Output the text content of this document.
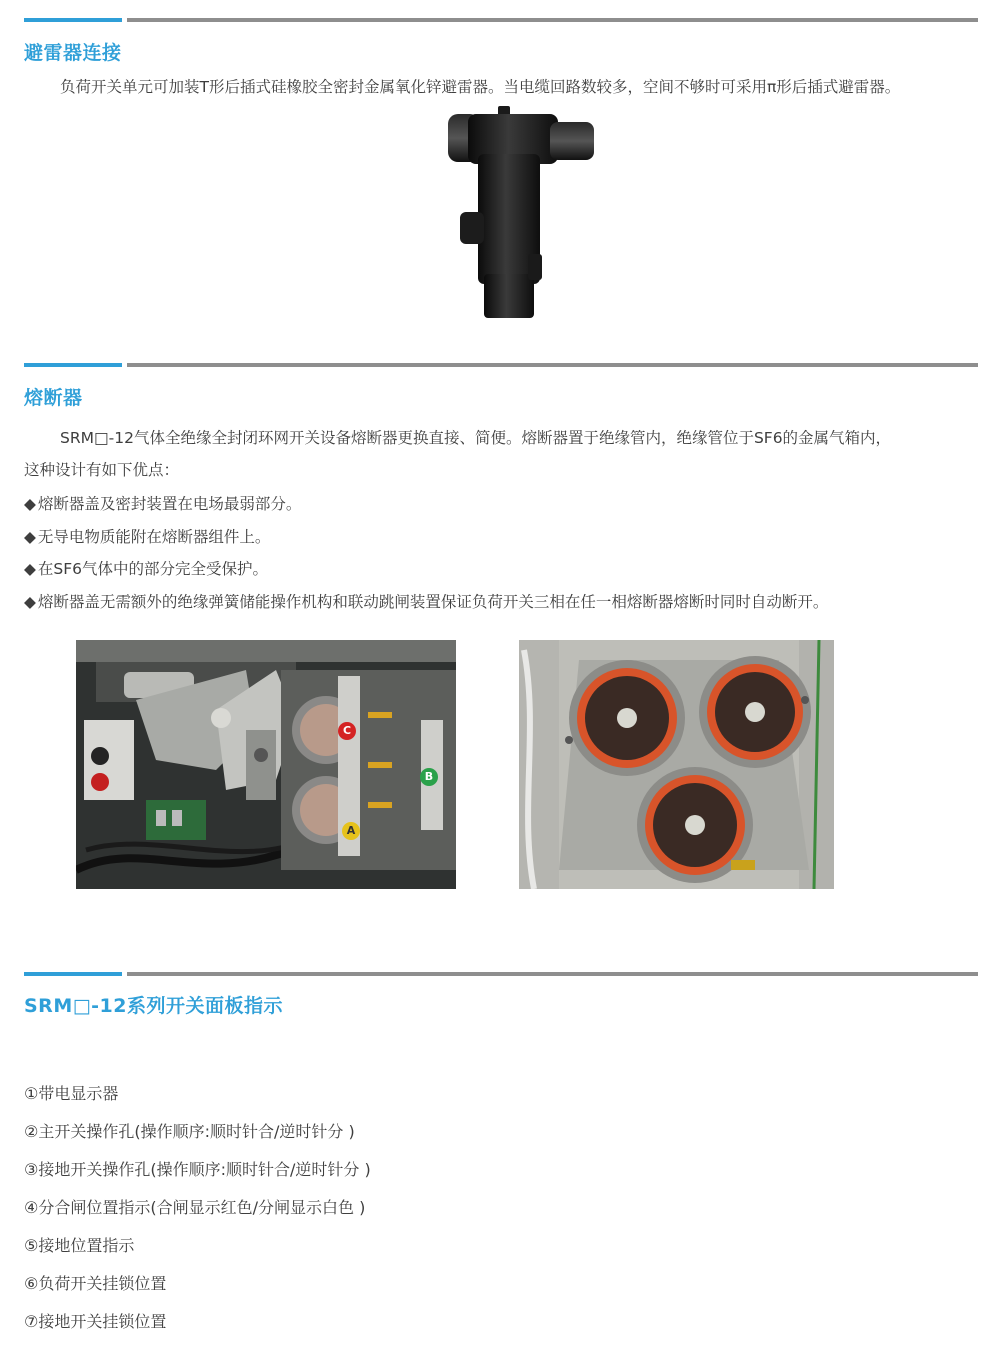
避雷器连接
负荷开关单元可加装T形后插式硅橡胶全密封金属氧化锌避雷器。当电缆回路数较多，空间不够时可采用π形后插式避雷器。
熔断器
SRM□-12气体全绝缘全封闭环网开关设备熔断器更换直接、简便。熔断器置于绝缘管内，绝缘管位于SF6的金属气箱内，
这种设计有如下优点：
◆ 熔断器盖及密封装置在电场最弱部分。
◆ 无导电物质能附在熔断器组件上。
◆ 在SF6气体中的部分完全受保护。
◆ 熔断器盖无需额外的绝缘弹簧储能操作机构和联动跳闸装置保证负荷开关三相在任一相熔断器熔断时同时自动断开。
C
B
A
SRM□-12系列开关面板指示
①带电显示器
②主开关操作孔(操作顺序:顺时针合/逆时针分 )
③接地开关操作孔(操作顺序:顺时针合/逆时针分 )
④分合闸位置指示(合闸显示红色/分闸显示白色 )
⑤接地位置指示
⑥负荷开关挂锁位置
⑦接地开关挂锁位置
